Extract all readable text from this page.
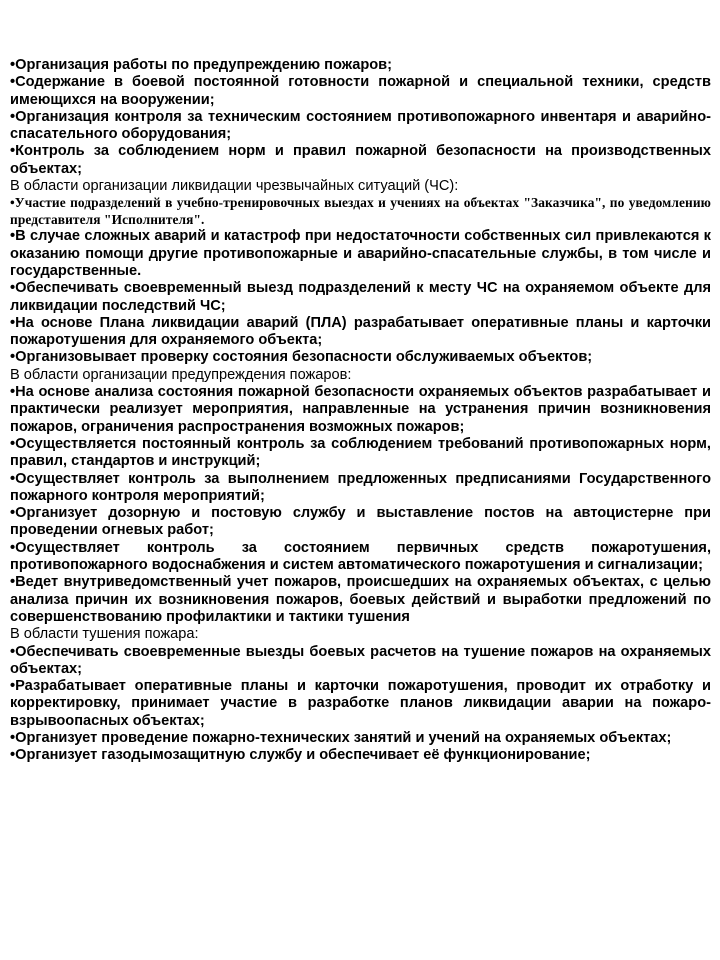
•Организация работы по предупреждению пожаров;

•Содержание в боевой постоянной готовности пожарной и специальной техники, средств имеющихся на вооружении;

•Организация контроля за техническим состоянием противопожарного инвентаря и аварийно-спасательного оборудования;

•Контроль за соблюдением норм и правил пожарной безопасности на производственных объектах;

В области организации ликвидации чрезвычайных ситуаций (ЧС):

•Участие подразделений в учебно-тренировочных выездах и учениях на объектах "Заказчика", по уведомлению представителя "Исполнителя".

•В случае сложных аварий и катастроф при недостаточности собственных сил привлекаются к оказанию помощи другие противопожарные и аварийно-спасательные службы, в том числе и государственные.

•Обеспечивать своевременный выезд подразделений к месту ЧС на охраняемом объекте для ликвидации последствий ЧС;

•На основе Плана ликвидации аварий (ПЛА) разрабатывает оперативные планы и карточки пожаротушения для охраняемого объекта;

•Организовывает проверку состояния безопасности обслуживаемых объектов;

В области организации предупреждения пожаров:

•На основе анализа состояния пожарной безопасности охраняемых объектов разрабатывает и практически реализует мероприятия, направленные на устранения причин возникновения пожаров, ограничения распространения возможных пожаров;

•Осуществляется постоянный контроль за соблюдением требований противопожарных норм, правил, стандартов и инструкций;

•Осуществляет контроль за выполнением предложенных предписаниями Государственного пожарного контроля мероприятий;

•Организует дозорную и постовую службу и выставление постов на автоцистерне при проведении огневых работ;

•Осуществляет контроль за состоянием первичных средств пожаротушения, противопожарного водоснабжения и систем автоматического пожаротушения и сигнализации;

•Ведет внутриведомственный учет пожаров, происшедших на охраняемых объектах, с целью анализа причин их возникновения пожаров, боевых действий и выработки предложений по совершенствованию профилактики и тактики тушения

В области тушения пожара:

•Обеспечивать своевременные выезды боевых расчетов на тушение пожаров на охраняемых объектах;

•Разрабатывает оперативные планы и карточки пожаротушения, проводит их отработку и корректировку, принимает участие в разработке планов ликвидации аварии на пожаро-взрывоопасных объектах;

•Организует проведение пожарно-технических занятий и учений на охраняемых объектах;

•Организует газодымозащитную службу и обеспечивает её функционирование;
